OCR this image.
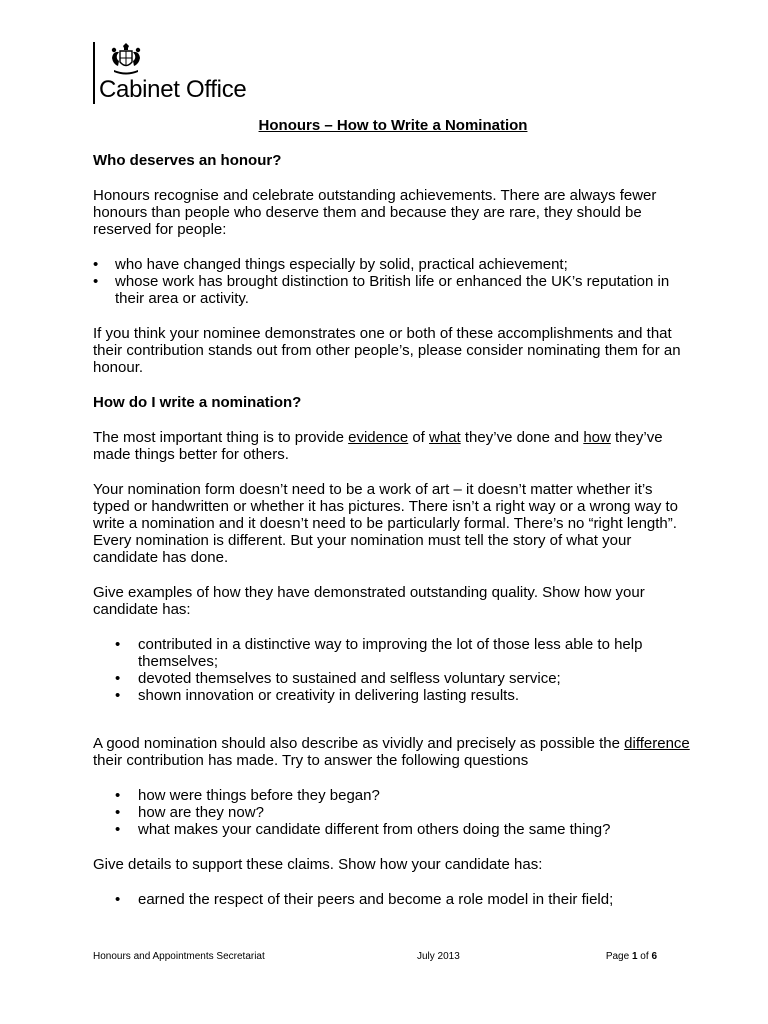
Cabinet Office

Honours – How to Write a Nomination

Who deserves an honour?

Honours recognise and celebrate outstanding achievements. There are always fewer honours than people who deserve them and because they are rare, they should be reserved for people:

• who have changed things especially by solid, practical achievement;
• whose work has brought distinction to British life or enhanced the UK’s reputation in their area or activity.

If you think your nominee demonstrates one or both of these accomplishments and that their contribution stands out from other people’s, please consider nominating them for an honour.

How do I write a nomination?

The most important thing is to provide evidence of what they’ve done and how they’ve made things better for others.

Your nomination form doesn’t need to be a work of art – it doesn’t matter whether it’s typed or handwritten or whether it has pictures. There isn’t a right way or a wrong way to write a nomination and it doesn’t need to be particularly formal. There’s no “right length”. Every nomination is different. But your nomination must tell the story of what your candidate has done.

Give examples of how they have demonstrated outstanding quality. Show how your candidate has:

• contributed in a distinctive way to improving the lot of those less able to help themselves;
• devoted themselves to sustained and selfless voluntary service;
• shown innovation or creativity in delivering lasting results.

A good nomination should also describe as vividly and precisely as possible the difference their contribution has made. Try to answer the following questions

• how were things before they began?
• how are they now?
• what makes your candidate different from others doing the same thing?

Give details to support these claims. Show how your candidate has:

• earned the respect of their peers and become a role model in their field;
Honours and Appointments Secretariat	July 2013	Page 1 of 6
